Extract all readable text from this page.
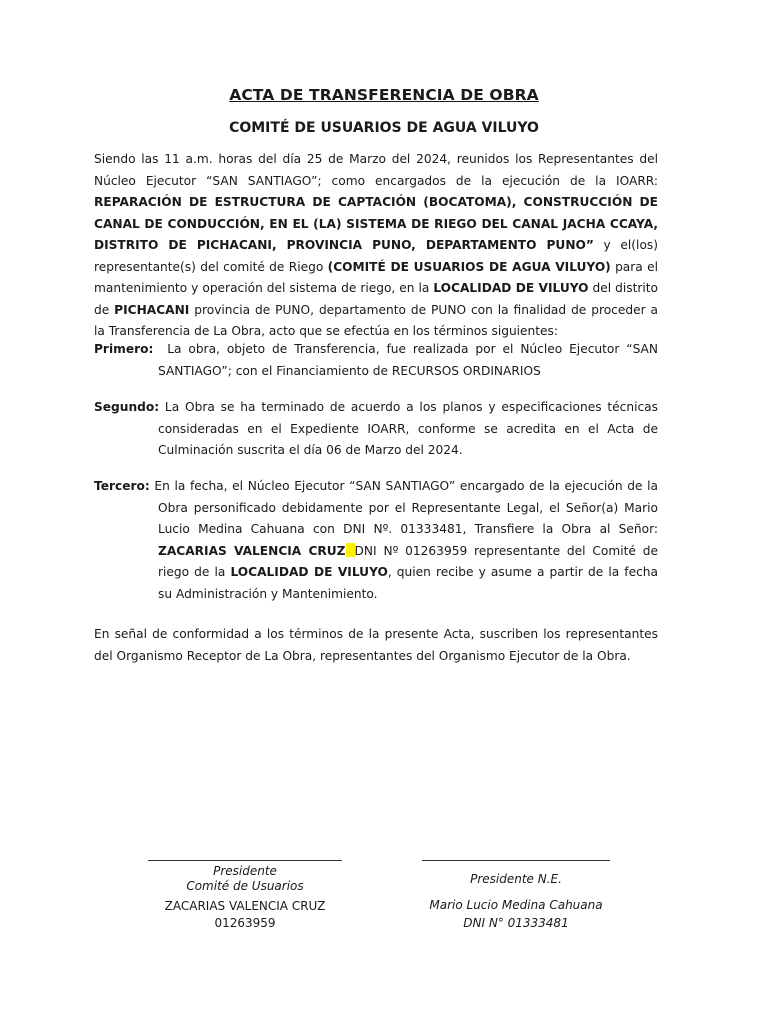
ACTA DE TRANSFERENCIA DE OBRA
COMITÉ DE USUARIOS DE AGUA VILUYO

Siendo las 11 a.m. horas del día 25 de Marzo del 2024, reunidos los Representantes del Núcleo Ejecutor “SAN SANTIAGO”; como encargados de la ejecución de la IOARR: REPARACIÓN DE ESTRUCTURA DE CAPTACIÓN (BOCATOMA), CONSTRUCCIÓN DE CANAL DE CONDUCCIÓN, EN EL (LA) SISTEMA DE RIEGO DEL CANAL JACHA CCAYA, DISTRITO DE PICHACANI, PROVINCIA PUNO, DEPARTAMENTO PUNO” y el(los) representante(s) del comité de Riego (COMITÉ DE USUARIOS DE AGUA VILUYO) para el mantenimiento y operación del sistema de riego, en la LOCALIDAD DE VILUYO del distrito de PICHACANI provincia de PUNO, departamento de PUNO con la finalidad de proceder a la Transferencia de La Obra, acto que se efectúa en los términos siguientes:

Primero: La obra, objeto de Transferencia, fue realizada por el Núcleo Ejecutor “SAN SANTIAGO”; con el Financiamiento de RECURSOS ORDINARIOS

Segundo: La Obra se ha terminado de acuerdo a los planos y especificaciones técnicas consideradas en el Expediente IOARR, conforme se acredita en el Acta de Culminación suscrita el día 06 de Marzo del 2024.

Tercero: En la fecha, el Núcleo Ejecutor “SAN SANTIAGO” encargado de la ejecución de la Obra personificado debidamente por el Representante Legal, el Señor(a) Mario Lucio Medina Cahuana con DNI Nº. 01333481, Transfiere la Obra al Señor: ZACARIAS VALENCIA CRUZ DNI Nº 01263959 representante del Comité de riego de la LOCALIDAD DE VILUYO, quien recibe y asume a partir de la fecha su Administración y Mantenimiento.

En señal de conformidad a los términos de la presente Acta, suscriben los representantes del Organismo Receptor de La Obra, representantes del Organismo Ejecutor de la Obra.

Presidente
Comité de Usuarios
ZACARIAS VALENCIA CRUZ
01263959
Presidente N.E.
Mario Lucio Medina Cahuana
DNI N° 01333481
